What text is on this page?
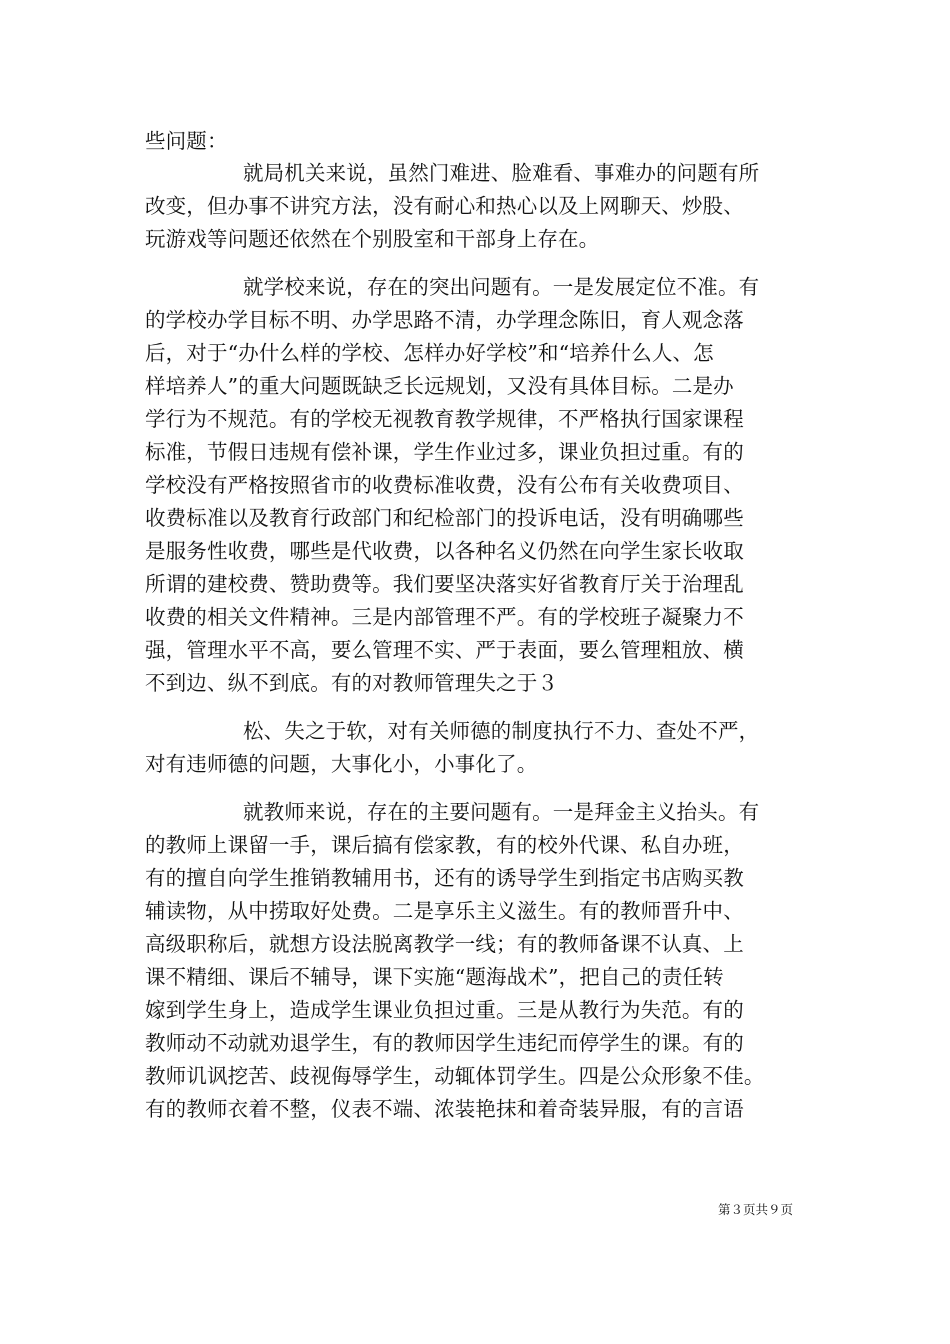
些问题：
就局机关来说，虽然门难进、脸难看、事难办的问题有所
改变，但办事不讲究方法，没有耐心和热心以及上网聊天、炒股、
玩游戏等问题还依然在个别股室和干部身上存在。
就学校来说，存在的突出问题有。一是发展定位不准。有
的学校办学目标不明、办学思路不清，办学理念陈旧，育人观念落
后，对于“办什么样的学校、怎样办好学校”和“培养什么人、怎
样培养人”的重大问题既缺乏长远规划，又没有具体目标。二是办
学行为不规范。有的学校无视教育教学规律，不严格执行国家课程
标准，节假日违规有偿补课，学生作业过多，课业负担过重。有的
学校没有严格按照省市的收费标准收费，没有公布有关收费项目、
收费标准以及教育行政部门和纪检部门的投诉电话，没有明确哪些
是服务性收费，哪些是代收费，以各种名义仍然在向学生家长收取
所谓的建校费、赞助费等。我们要坚决落实好省教育厅关于治理乱
收费的相关文件精神。三是内部管理不严。有的学校班子凝聚力不
强，管理水平不高，要么管理不实、严于表面，要么管理粗放、横
不到边、纵不到底。有的对教师管理失之于３
松、失之于软，对有关师德的制度执行不力、查处不严，
对有违师德的问题，大事化小，小事化了。
就教师来说，存在的主要问题有。一是拜金主义抬头。有
的教师上课留一手，课后搞有偿家教，有的校外代课、私自办班，
有的擅自向学生推销教辅用书，还有的诱导学生到指定书店购买教
辅读物，从中捞取好处费。二是享乐主义滋生。有的教师晋升中、
高级职称后，就想方设法脱离教学一线；有的教师备课不认真、上
课不精细、课后不辅导，课下实施“题海战术”，把自己的责任转
嫁到学生身上，造成学生课业负担过重。三是从教行为失范。有的
教师动不动就劝退学生，有的教师因学生违纪而停学生的课。有的
教师讥讽挖苦、歧视侮辱学生，动辄体罚学生。四是公众形象不佳。
有的教师衣着不整，仪表不端、浓装艳抹和着奇装异服，有的言语
第３页共９页
